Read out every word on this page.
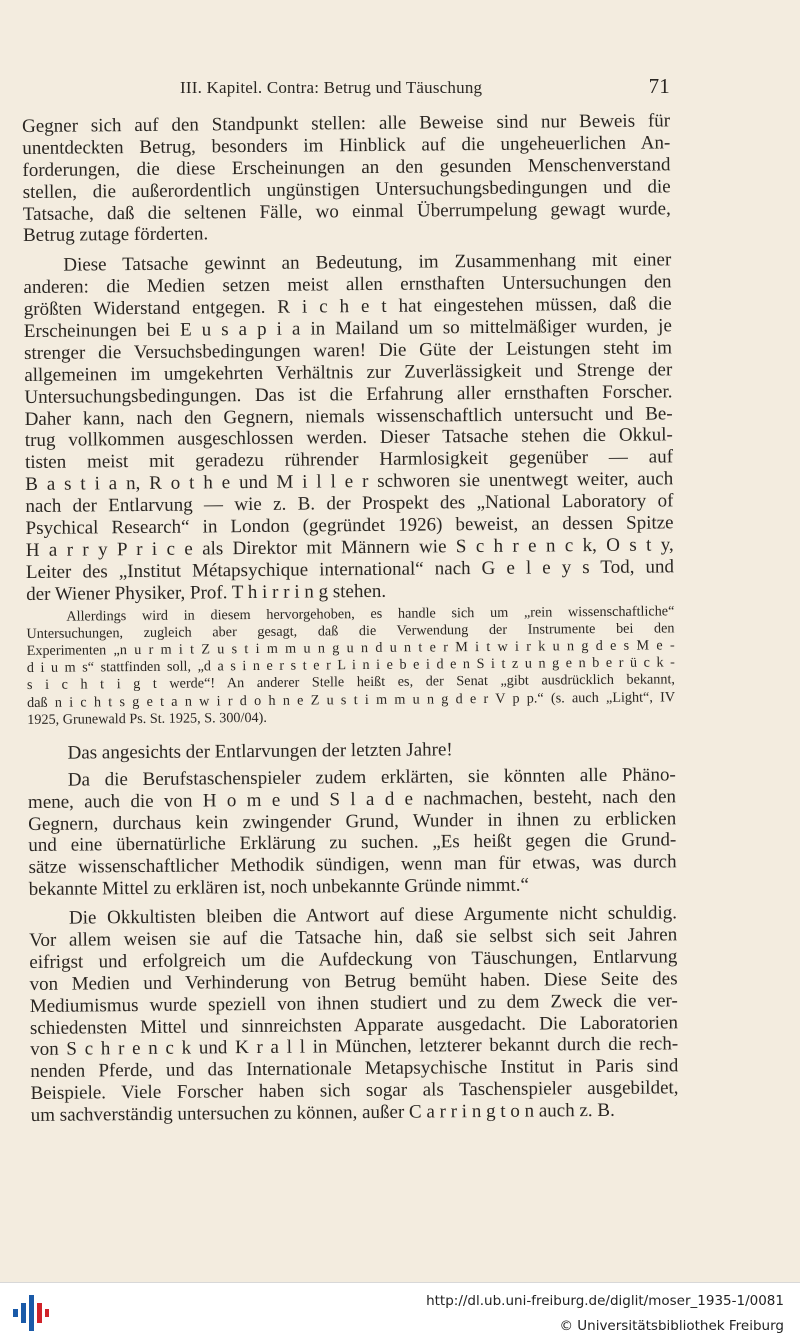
III. Kapitel. Contra: Betrug und Täuschung	71
Gegner sich auf den Standpunkt stellen: alle Beweise sind nur Beweis für
unentdeckten Betrug, besonders im Hinblick auf die ungeheuerlichen An-
forderungen, die diese Erscheinungen an den gesunden Menschenverstand
stellen, die außerordentlich ungünstigen Untersuchungsbedingungen und die
Tatsache, daß die seltenen Fälle, wo einmal Überrumpelung gewagt wurde,
Betrug zutage förderten.
Diese Tatsache gewinnt an Bedeutung, im Zusammenhang mit einer
anderen: die Medien setzen meist allen ernsthaften Untersuchungen den
größten Widerstand entgegen. R i c h e t hat eingestehen müssen, daß die
Erscheinungen bei E u s a p i a in Mailand um so mittelmäßiger wurden, je
strenger die Versuchsbedingungen waren! Die Güte der Leistungen steht im
allgemeinen im umgekehrten Verhältnis zur Zuverlässigkeit und Strenge der
Untersuchungsbedingungen. Das ist die Erfahrung aller ernsthaften Forscher.
Daher kann, nach den Gegnern, niemals wissenschaftlich untersucht und Be-
trug vollkommen ausgeschlossen werden. Dieser Tatsache stehen die Okkul-
tisten meist mit geradezu rührender Harmlosigkeit gegenüber — auf
B a s t i a n, R o t h e und M i l l e r schworen sie unentwegt weiter, auch
nach der Entlarvung — wie z. B. der Prospekt des „National Laboratory of
Psychical Research“ in London (gegründet 1926) beweist, an dessen Spitze
H a r r y P r i c e als Direktor mit Männern wie S c h r e n c k, O s t y,
Leiter des „Institut Métapsychique international“ nach G e l e y s Tod, und
der Wiener Physiker, Prof. T h i r r i n g stehen.
Allerdings wird in diesem hervorgehoben, es handle sich um „rein wissenschaftliche“
Untersuchungen, zugleich aber gesagt, daß die Verwendung der Instrumente bei den
Experimenten „n u r m i t Z u s t i m m u n g u n d u n t e r M i t w i r k u n g d e s M e -
d i u m s“ stattfinden soll, „d a s i n e r s t e r L i n i e b e i d e n S i t z u n g e n b e r ü c k -
s i c h t i g t werde“! An anderer Stelle heißt es, der Senat „gibt ausdrücklich bekannt,
daß n i c h t s g e t a n w i r d o h n e Z u s t i m m u n g d e r V p p.“ (s. auch „Light“, IV
1925, Grunewald Ps. St. 1925, S. 300/04).
Das angesichts der Entlarvungen der letzten Jahre!
Da die Berufstaschenspieler zudem erklärten, sie könnten alle Phäno-
mene, auch die von H o m e und S l a d e nachmachen, besteht, nach den
Gegnern, durchaus kein zwingender Grund, Wunder in ihnen zu erblicken
und eine übernatürliche Erklärung zu suchen. „Es heißt gegen die Grund-
sätze wissenschaftlicher Methodik sündigen, wenn man für etwas, was durch
bekannte Mittel zu erklären ist, noch unbekannte Gründe nimmt.“
Die Okkultisten bleiben die Antwort auf diese Argumente nicht schuldig.
Vor allem weisen sie auf die Tatsache hin, daß sie selbst sich seit Jahren
eifrigst und erfolgreich um die Aufdeckung von Täuschungen, Entlarvung
von Medien und Verhinderung von Betrug bemüht haben. Diese Seite des
Mediumismus wurde speziell von ihnen studiert und zu dem Zweck die ver-
schiedensten Mittel und sinnreichsten Apparate ausgedacht. Die Laboratorien
von S c h r e n c k und K r a l l in München, letzterer bekannt durch die rech-
nenden Pferde, und das Internationale Metapsychische Institut in Paris sind
Beispiele. Viele Forscher haben sich sogar als Taschenspieler ausgebildet,
um sachverständig untersuchen zu können, außer C a r r i n g t o n auch z. B.
http://dl.ub.uni-freiburg.de/diglit/moser_1935-1/0081
© Universitätsbibliothek Freiburg
